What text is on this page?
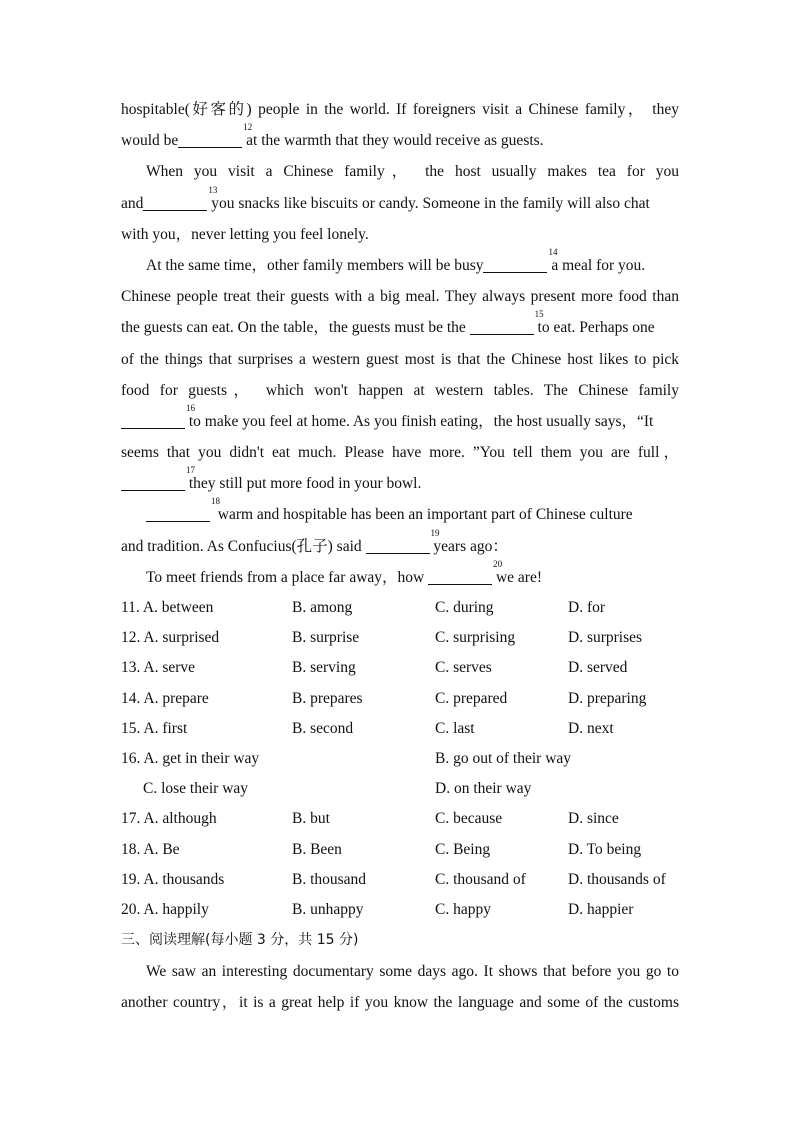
hospitable(好客的) people in the world. If foreigners visit a Chinese family， they
would be
12
at the warmth that they would receive as guests.
When you visit a Chinese family， the host usually makes tea for you
and
13
you snacks like biscuits or candy. Someone in the family will also chat
with you，never letting you feel lonely.
At the same time，other family members will be busy
14
a meal for you.
Chinese people treat their guests with a big meal. They always present more food than
the guests can eat. On the table，the guests must be the
15
to eat. Perhaps one
of the things that surprises a western guest most is that the Chinese host likes to pick
food for guests， which won't happen at western tables. The Chinese family
16
to make you feel at home. As you finish eating，the host usually says，“It
seems that you didn't eat much. Please have more. ”You tell them you are full，
17
they still put more food in your bowl.
18
warm and hospitable has been an important part of Chinese culture
and tradition. As Confucius(孔子) said
19
years ago：
To meet friends from a place far away，how
20
we are!
11. A. between	B. among	C. during	D. for
12. A. surprised	B. surprise	C. surprising	D. surprises
13. A. serve	B. serving	C. serves	D. served
14. A. prepare	B. prepares	C. prepared	D. preparing
15. A. first	B. second	C. last	D. next
16. A. get in their way	B. go out of their way
C. lose their way	D. on their way
17. A. although	B. but	C. because	D. since
18. A. Be	B. Been	C. Being	D. To being
19. A. thousands	B. thousand	C. thousand of	D. thousands of
20. A. happily	B. unhappy	C. happy	D. happier
三、阅读理解(每小题 3 分，共 15 分)
We saw an interesting documentary some days ago. It shows that before you go to
another country，it is a great help if you know the language and some of the customs
